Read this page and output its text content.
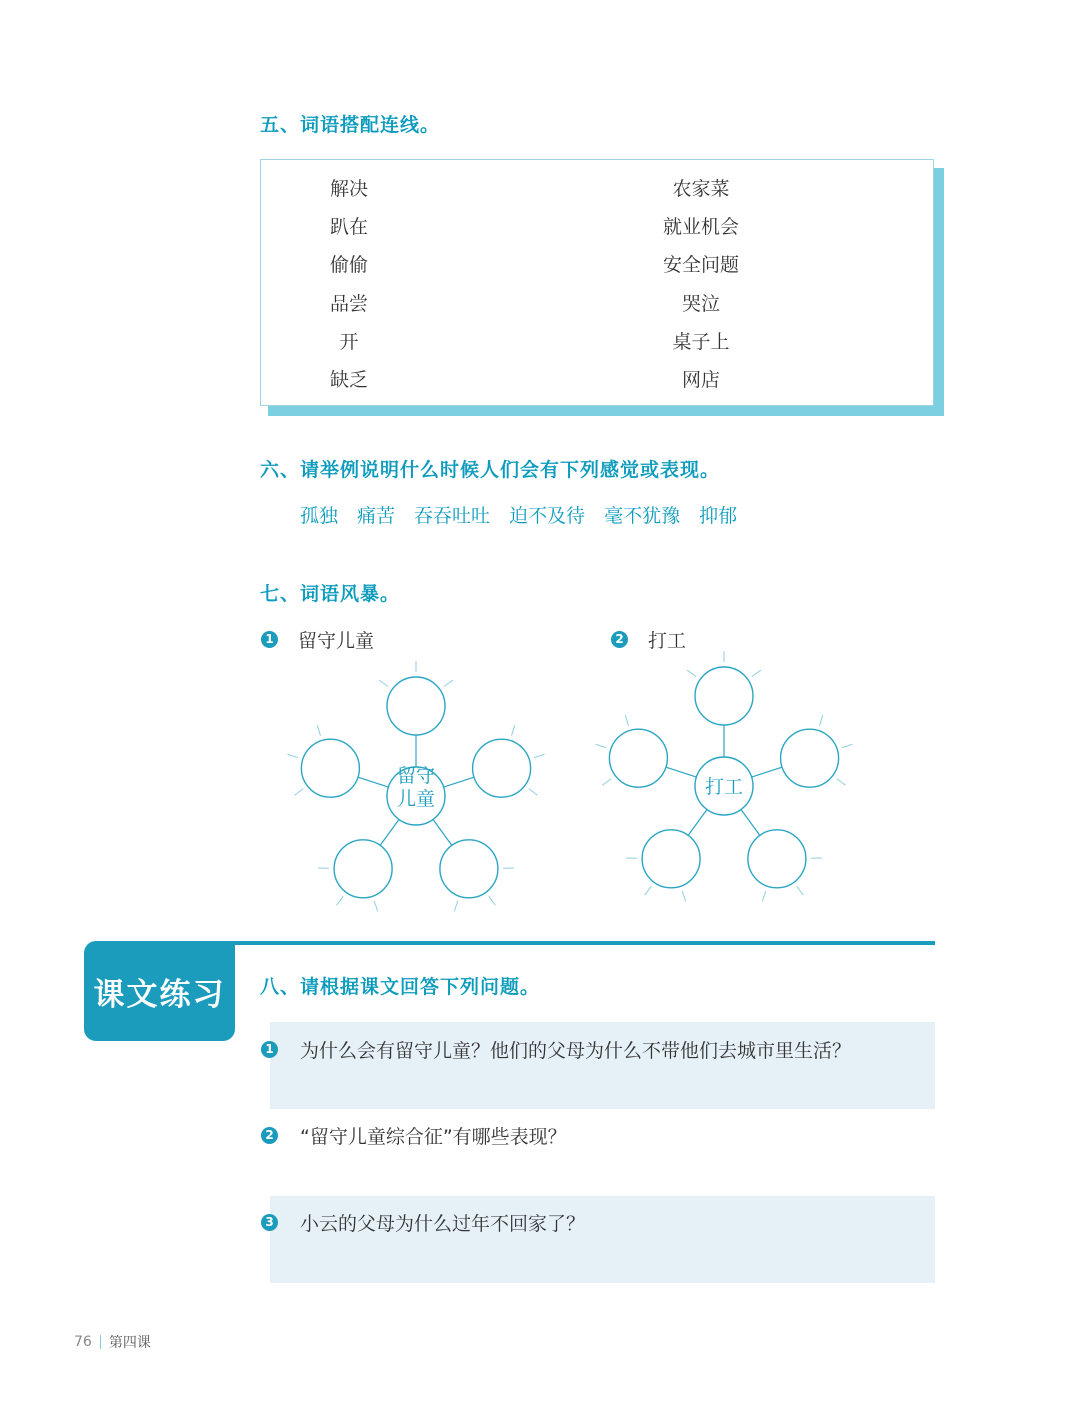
五、词语搭配连线。
解决
趴在
偷偷
品尝
开
缺乏
农家菜
就业机会
安全问题
哭泣
桌子上
网店
六、请举例说明什么时候人们会有下列感觉或表现。
孤独 痛苦 吞吞吐吐 迫不及待 毫不犹豫 抑郁
七、词语风暴。
1 留守儿童	2 打工
留守
儿童
打工
课文练习	八、请根据课文回答下列问题。
1 为什么会有留守儿童？他们的父母为什么不带他们去城市里生活？
2 “留守儿童综合征”有哪些表现？
3 小云的父母为什么过年不回家了？
76 第四课
